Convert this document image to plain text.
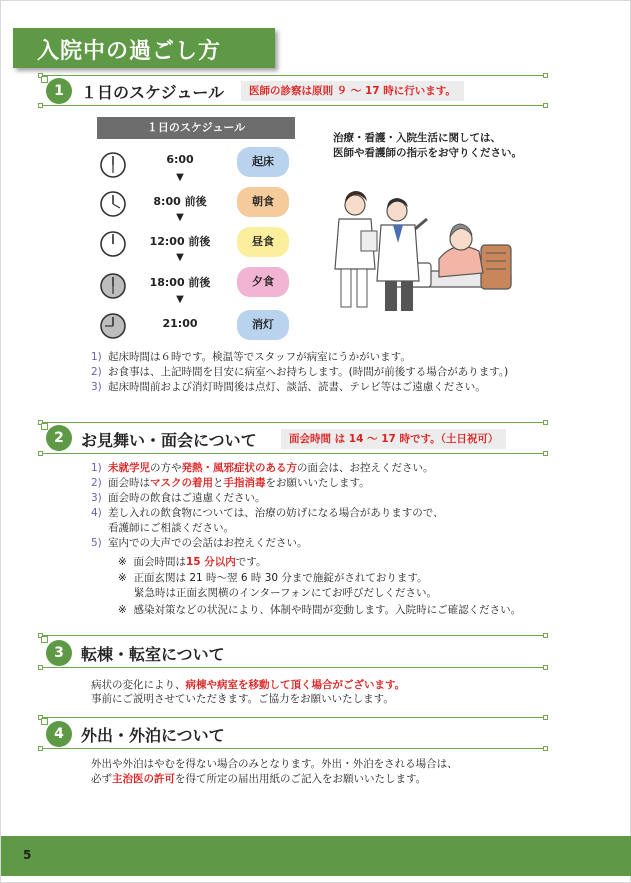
入院中の過ごし方
1	１日のスケジュール	医師の診察は原則 ９ ～ 17 時に行います。
１日のスケジュール
6:00	起床
▼
8:00 前後	朝食
▼
12:00 前後	昼食
▼
18:00 前後	夕食
▼
21:00	消灯
治療・看護・入院生活に関しては、
医師や看護師の指示をお守りください。
1) 起床時間は６時です。検温等でスタッフが病室にうかがいます。
2) お食事は、上記時間を目安に病室へお持ちします。(時間が前後する場合があります。)
3) 起床時間前および消灯時間後は点灯、談話、読書、テレビ等はご遠慮ください。
2	お見舞い・面会について	面会時間 は 14 ～ 17 時です。（土日祝可）
1) 未就学児の方や発熱・風邪症状のある方の面会は、お控えください。
2) 面会時はマスクの着用と手指消毒をお願いいたします。
3) 面会時の飲食はご遠慮ください。
4) 差し入れの飲食物については、治療の妨げになる場合がありますので、
看護師にご相談ください。
5) 室内での大声での会話はお控えください。
※ 面会時間は15 分以内です。
※ 正面玄関は 21 時～翌 6 時 30 分まで施錠がされております。
緊急時は正面玄関横のインターフォンにてお呼びだしください。
※ 感染対策などの状況により、体制や時間が変動します。入院時にご確認ください。
3	転棟・転室について
病状の変化により、病棟や病室を移動して頂く場合がございます。
事前にご説明させていただきます。ご協力をお願いいたします。
4	外出・外泊について
外出や外泊はやむを得ない場合のみとなります。外出・外泊をされる場合は、
必ず主治医の許可を得て所定の届出用紙のご記入をお願いいたします。
5
